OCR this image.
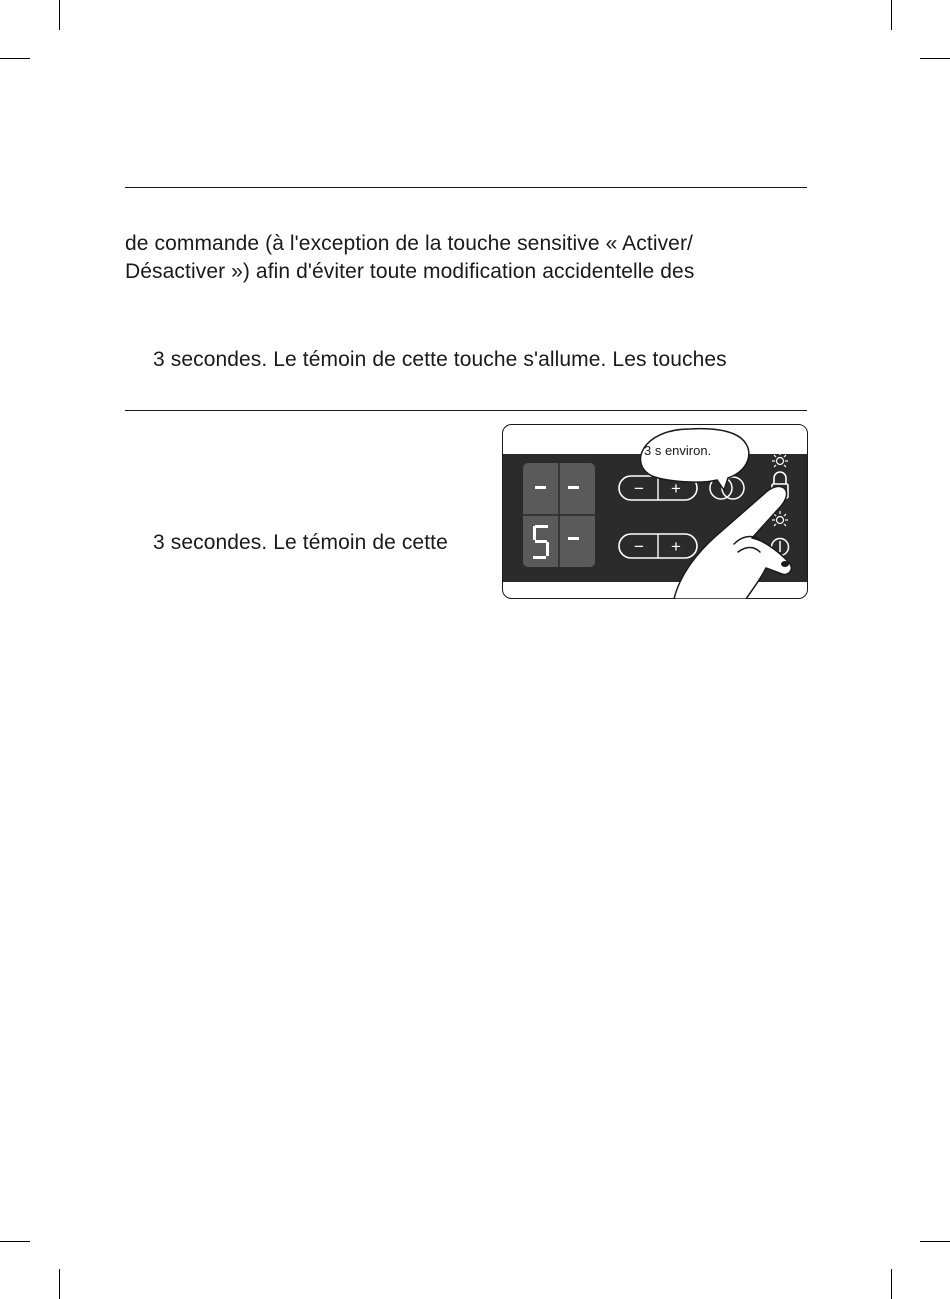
de commande (à l'exception de la touche sensitive « Activer/
Désactiver ») afin d'éviter toute modification accidentelle des
3 secondes. Le témoin de cette touche s'allume. Les touches
3 secondes. Le témoin de cette
− +
− +
3 s environ.
